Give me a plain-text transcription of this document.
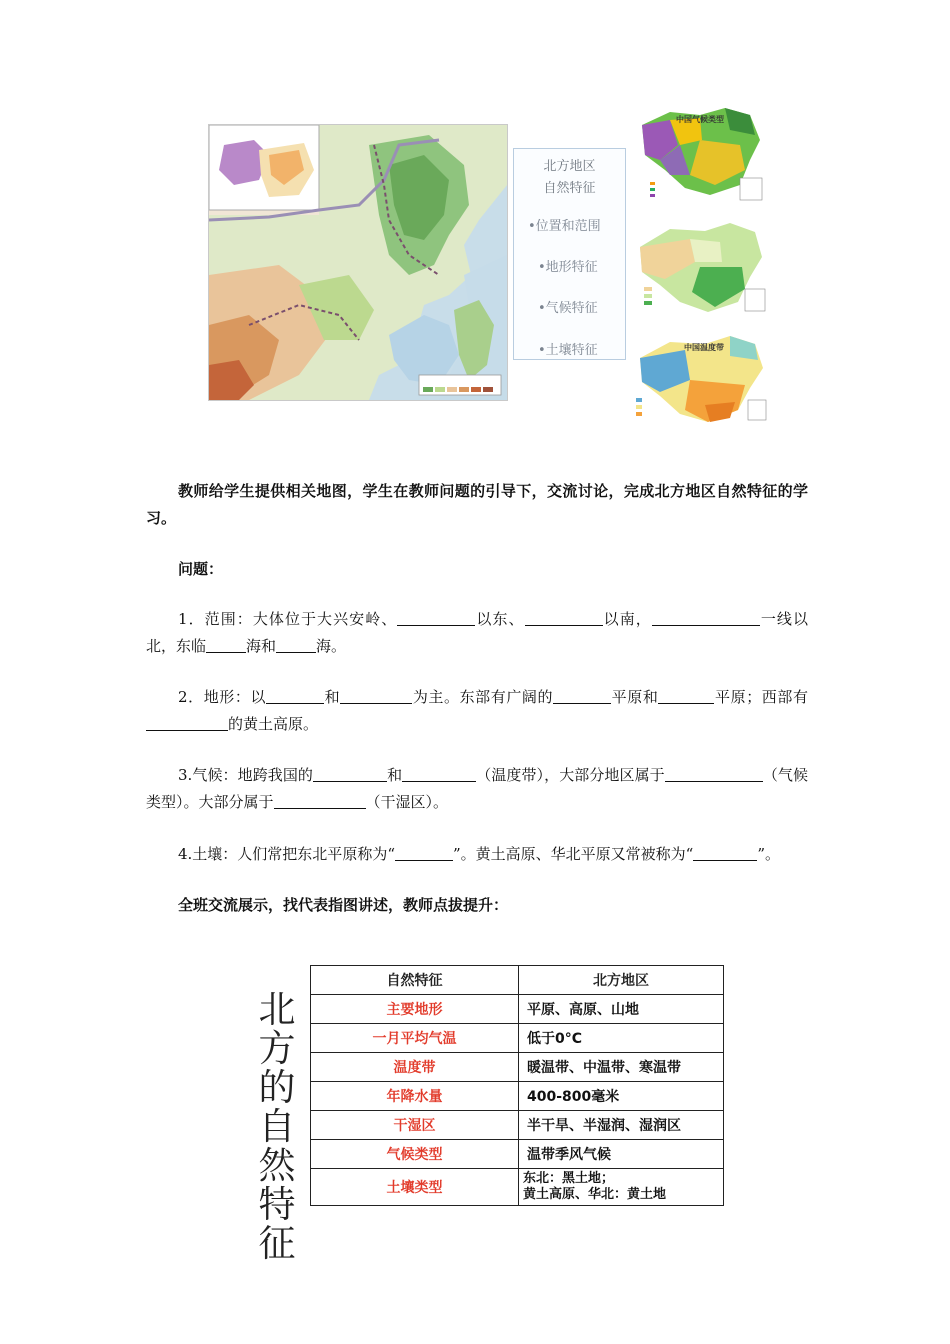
北方地区
自然特征
•位置和范围
•地形特征
•气候特征
•土壤特征
中国气候类型
中国温度带
教师给学生提供相关地图，学生在教师问题的引导下，交流讨论，完成北方地区自然特征的学习。
问题：
1．范围：大体位于大兴安岭、	以东、	以南，	一线以北，东临	海和	海。
2．地形：以	和	为主。东部有广阔的	平原和	平原；西部有的黄土高原。
3.气候：地跨我国的	和	（温度带），大部分地区属于	（气候类型）。大部分属于	（干湿区）。
4.土壤：人们常把东北平原称为“	”。黄土高原、华北平原又常被称为“	”。
全班交流展示，找代表指图讲述，教师点拔提升：
北
方
的
自
然
特
征
自然特征	北方地区
主要地形	平原、高原、山地
一月平均气温	低于0°C
温度带	暖温带、中温带、寒温带
年降水量	400-800毫米
干湿区	半干旱、半湿润、湿润区
气候类型	温带季风气候
土壤类型	东北：黑土地；
黄土高原、华北：黄土地
